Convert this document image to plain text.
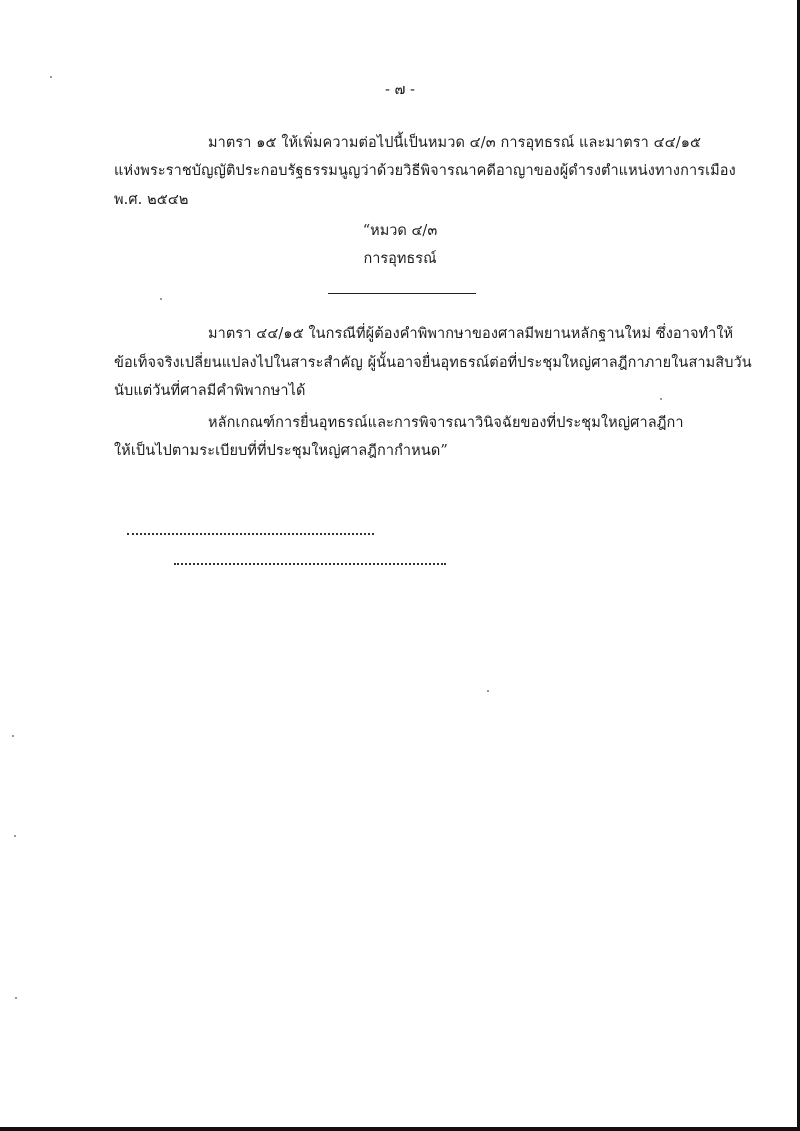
- ๗ -
มาตรา ๑๕ ให้เพิ่มความต่อไปนี้เป็นหมวด ๔/๓ การอุทธรณ์ และมาตรา ๔๔/๑๕
แห่งพระราชบัญญัติประกอบรัฐธรรมนูญว่าด้วยวิธีพิจารณาคดีอาญาของผู้ดำรงตำแหน่งทางการเมือง
พ.ศ. ๒๕๔๒
“หมวด ๔/๓
การอุทธรณ์
มาตรา ๔๔/๑๕ ในกรณีที่ผู้ต้องคำพิพากษาของศาลมีพยานหลักฐานใหม่ ซึ่งอาจทำให้
ข้อเท็จจริงเปลี่ยนแปลงไปในสาระสำคัญ ผู้นั้นอาจยื่นอุทธรณ์ต่อที่ประชุมใหญ่ศาลฎีกาภายในสามสิบวัน
นับแต่วันที่ศาลมีคำพิพากษาได้
หลักเกณฑ์การยื่นอุทธรณ์และการพิจารณาวินิจฉัยของที่ประชุมใหญ่ศาลฎีกา
ให้เป็นไปตามระเบียบที่ที่ประชุมใหญ่ศาลฎีกากำหนด”
